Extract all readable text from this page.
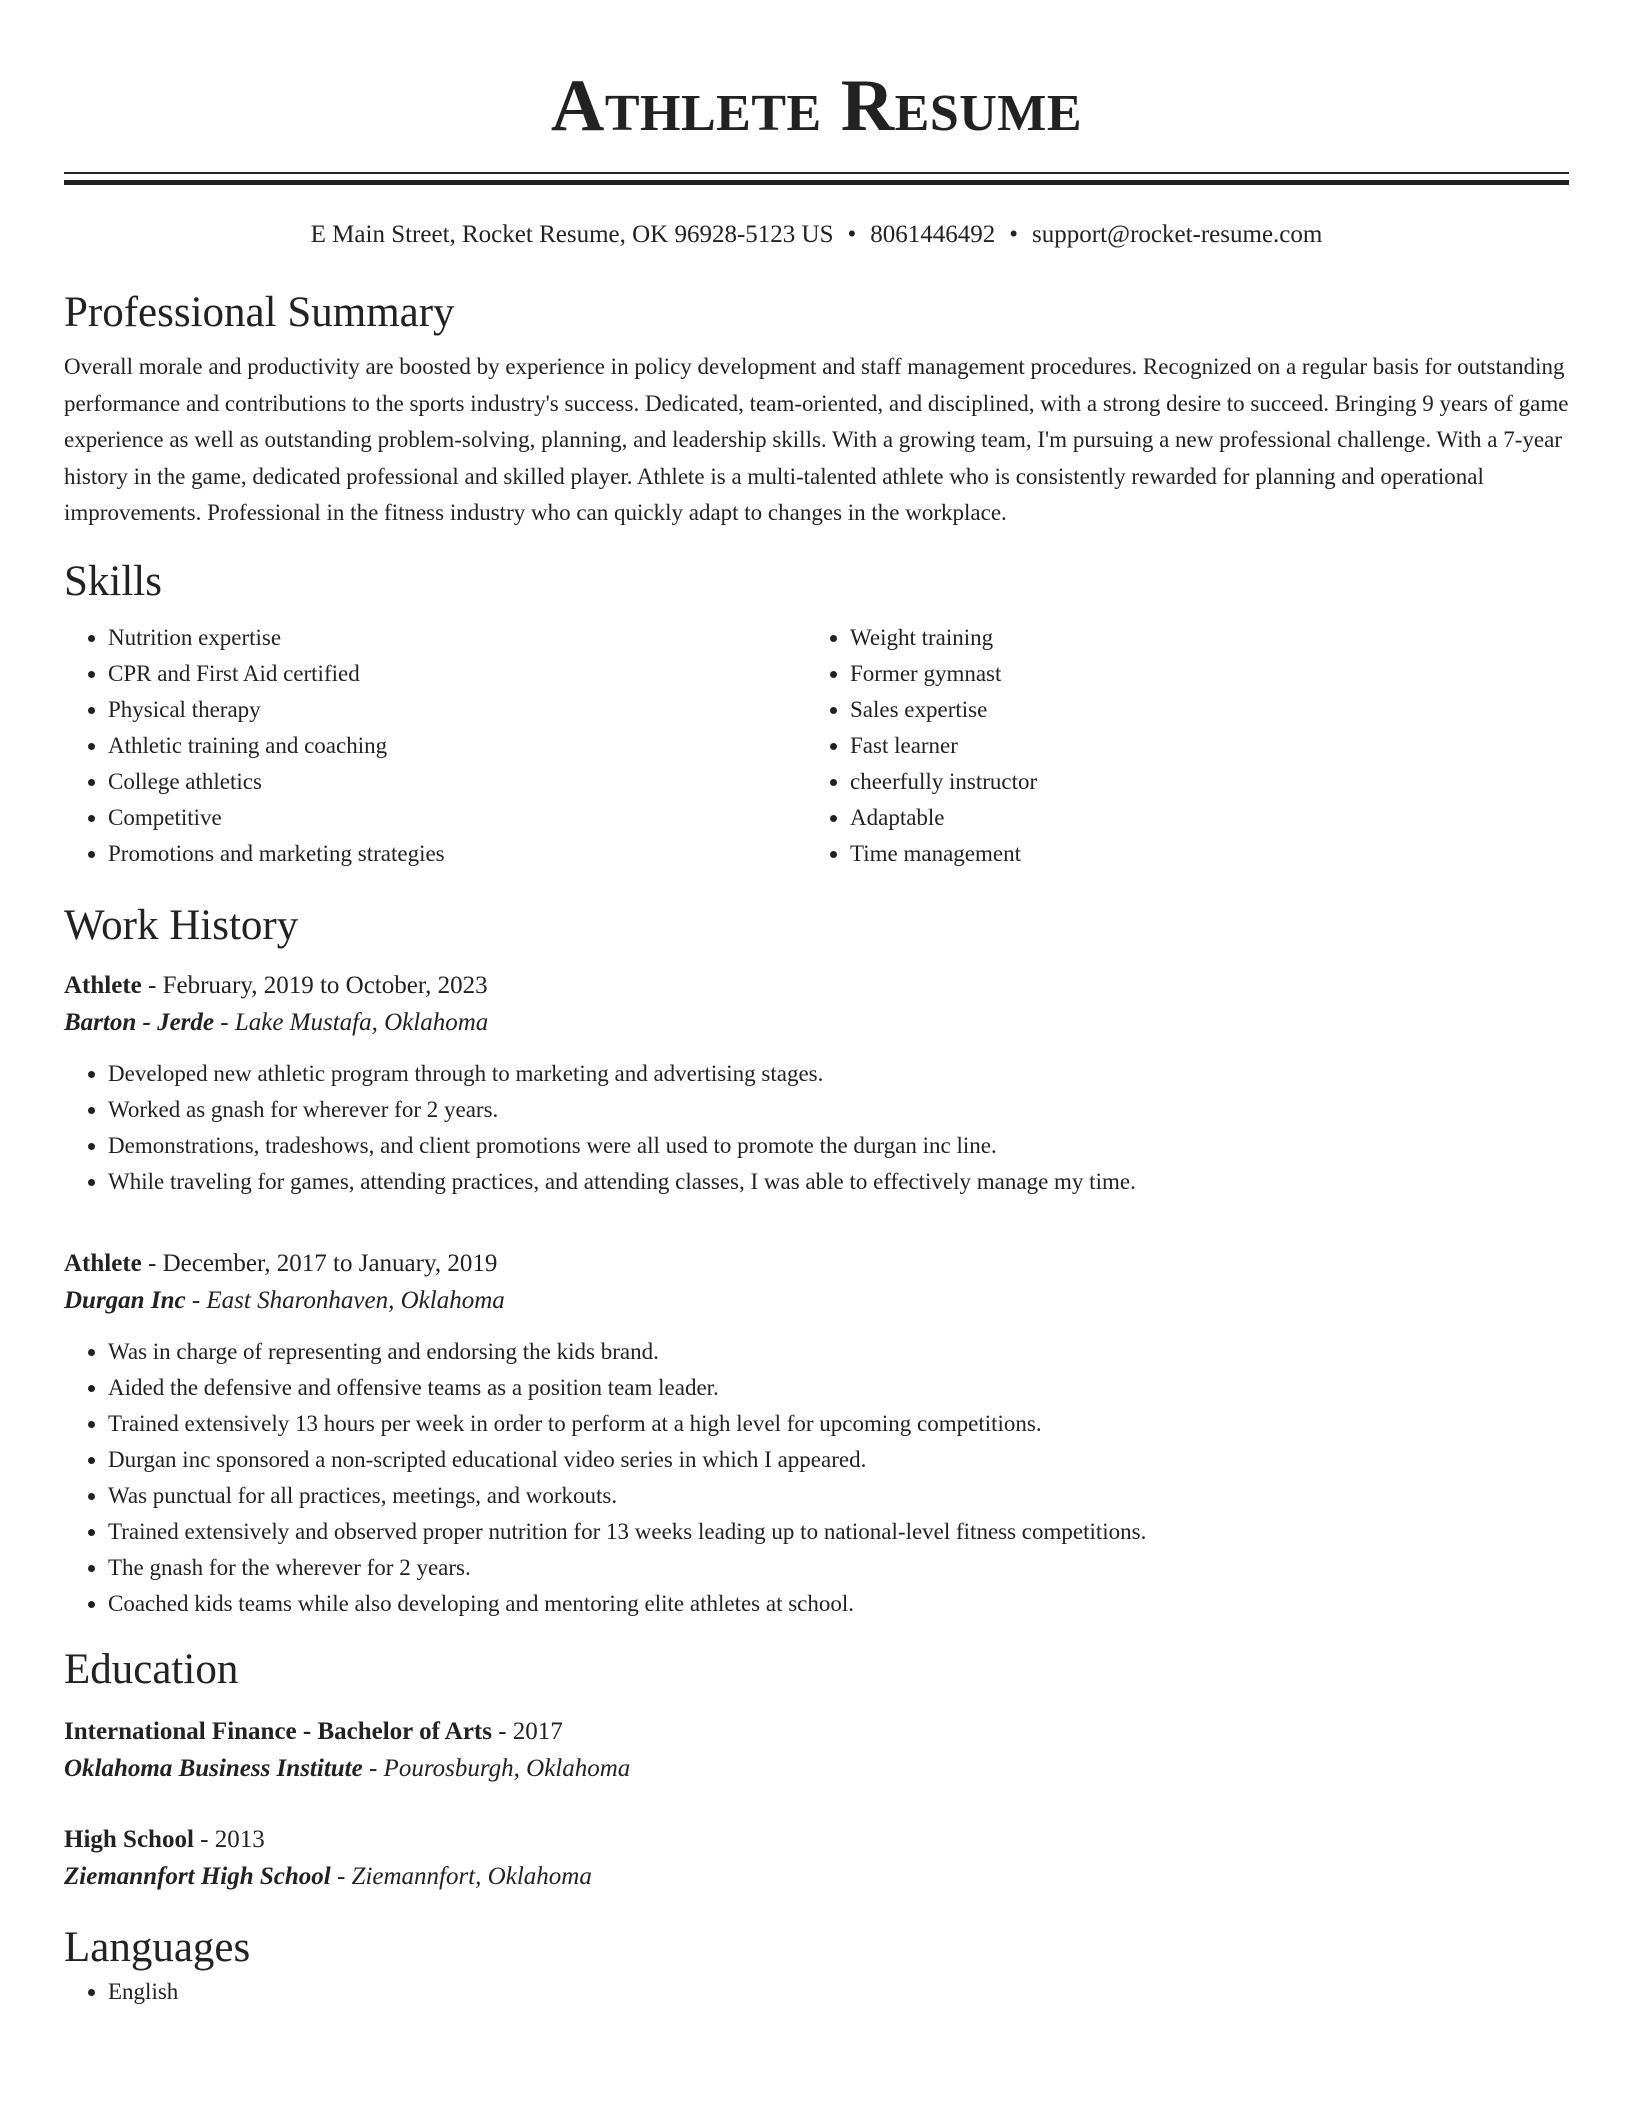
Athlete Resume
E Main Street, Rocket Resume, OK 96928-5123 US • 8061446492 • support@rocket-resume.com
Professional Summary

Overall morale and productivity are boosted by experience in policy development and staff management procedures. Recognized on a regular basis for outstanding performance and contributions to the sports industry's success. Dedicated, team-oriented, and disciplined, with a strong desire to succeed. Bringing 9 years of game experience as well as outstanding problem-solving, planning, and leadership skills. With a growing team, I'm pursuing a new professional challenge. With a 7-year history in the game, dedicated professional and skilled player. Athlete is a multi-talented athlete who is consistently rewarded for planning and operational improvements. Professional in the fitness industry who can quickly adapt to changes in the workplace.

Skills
• Nutrition expertise
• CPR and First Aid certified
• Physical therapy
• Athletic training and coaching
• College athletics
• Competitive
• Promotions and marketing strategies
• Weight training
• Former gymnast
• Sales expertise
• Fast learner
• cheerfully instructor
• Adaptable
• Time management
Work History
Athlete - February, 2019 to October, 2023
Barton - Jerde - Lake Mustafa, Oklahoma
• Developed new athletic program through to marketing and advertising stages.
• Worked as gnash for wherever for 2 years.
• Demonstrations, tradeshows, and client promotions were all used to promote the durgan inc line.
• While traveling for games, attending practices, and attending classes, I was able to effectively manage my time.
Athlete - December, 2017 to January, 2019
Durgan Inc - East Sharonhaven, Oklahoma
• Was in charge of representing and endorsing the kids brand.
• Aided the defensive and offensive teams as a position team leader.
• Trained extensively 13 hours per week in order to perform at a high level for upcoming competitions.
• Durgan inc sponsored a non-scripted educational video series in which I appeared.
• Was punctual for all practices, meetings, and workouts.
• Trained extensively and observed proper nutrition for 13 weeks leading up to national-level fitness competitions.
• The gnash for the wherever for 2 years.
• Coached kids teams while also developing and mentoring elite athletes at school.
Education
International Finance - Bachelor of Arts - 2017
Oklahoma Business Institute - Pourosburgh, Oklahoma
High School - 2013
Ziemannfort High School - Ziemannfort, Oklahoma
Languages
• English
